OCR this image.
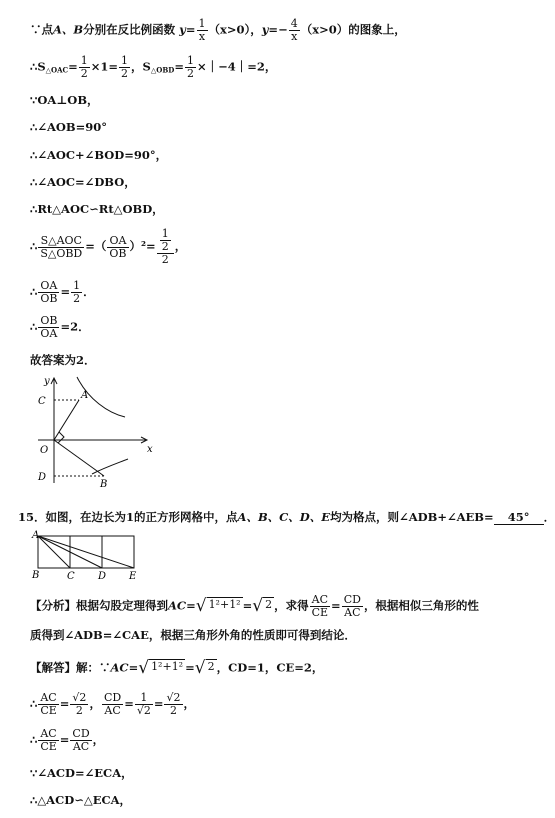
∵点A、B分别在反比例函数 $y= \frac{1}{x} (x>0)$，$y=- \frac{4}{x} (x>0)$的图象上，
$\therefore S_{\triangle OAC}= \frac{1}{2} \times 1= \frac{1}{2}$ ，$S_{\triangle OBD}= \frac{1}{2}$ ×｜−4｜=2，
∵OA⊥OB，
∴∠AOB=90°
∴∠AOC+∠BOD=90°，
∴∠AOC=∠DBO，
∴Rt△AOC∽Rt△OBD，
∴ $\frac{\text{S△AOC}}{\text{S△OBD}}$ =（ $\frac{OA}{OB} )^2= \frac{\frac{1}{2}}{2}$ ，
∴ $\frac{OA}{OB} = \frac{1}{2}$ ．
∴ $\frac{OB}{OA} =2$．
故答案为2．
y
x
O
A
B
C
D
15．如图，在边长为1的正方形网格中，点A、B、C、D、E均为格点，则∠ADB+∠AEB= 45° ．
A
B	C D E
【分析】根据勾股定理得到AC=√ 1²+1² =√ 2 ，求得 $\frac{AC}{CE} = \frac{CD}{AC}$ ，根据相似三角形的性
质得到∠ADB=∠CAE，根据三角形外角的性质即可得到结论．
【解答】解：∵AC=√ 1²+1² =√ 2 ，CD=1，CE=2，
∴ $\frac{AC}{CE} = \frac{√2}{2}$ ， $\frac{CD}{AC} = \frac{1}{√2} = \frac{√2}{2}$ ，
∴ $\frac{AC}{CE} = \frac{CD}{AC}$ ，
∵∠ACD=∠ECA，
∴△ACD∽△ECA，
